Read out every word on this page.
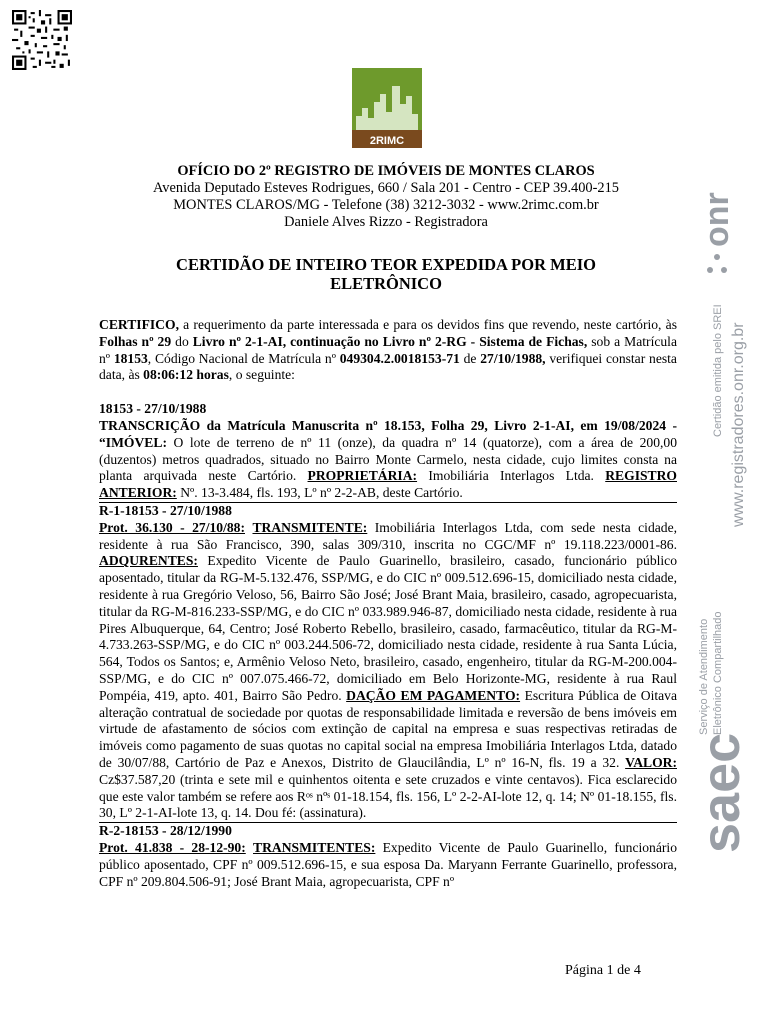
2RIMC
OFÍCIO DO 2º REGISTRO DE IMÓVEIS DE MONTES CLAROS
Avenida Deputado Esteves Rodrigues, 660 / Sala 201 - Centro - CEP 39.400-215
MONTES CLAROS/MG - Telefone (38) 3212-3032 - www.2rimc.com.br
Daniele Alves Rizzo - Registradora
CERTIDÃO DE INTEIRO TEOR EXPEDIDA POR MEIO
ELETRÔNICO

CERTIFICO, a requerimento da parte interessada e para os devidos fins que revendo, neste cartório, às Folhas nº 29 do Livro nº 2-1-AI, continuação no Livro nº 2-RG - Sistema de Fichas, sob a Matrícula nº 18153, Código Nacional de Matrícula nº 049304.2.0018153-71 de 27/10/1988, verifiquei constar nesta data, às 08:06:12 horas, o seguinte:

18153 - 27/10/1988

TRANSCRIÇÃO da Matrícula Manuscrita nº 18.153, Folha 29, Livro 2-1-AI, em 19/08/2024 - “IMÓVEL: O lote de terreno de nº 11 (onze), da quadra nº 14 (quatorze), com a área de 200,00 (duzentos) metros quadrados, situado no Bairro Monte Carmelo, nesta cidade, cujo limites consta na planta arquivada neste Cartório. PROPRIETÁRIA: Imobiliária Interlagos Ltda. REGISTRO ANTERIOR: Nº. 13-3.484, fls. 193, Lº nº 2-2-AB, deste Cartório.

R-1-18153 - 27/10/1988

Prot. 36.130 - 27/10/88: TRANSMITENTE: Imobiliária Interlagos Ltda, com sede nesta cidade, residente à rua São Francisco, 390, salas 309/310, inscrita no CGC/MF nº 19.118.223/0001-86. ADQURENTES: Expedito Vicente de Paulo Guarinello, brasileiro, casado, funcionário público aposentado, titular da RG-M-5.132.476, SSP/MG, e do CIC nº 009.512.696-15, domiciliado nesta cidade, residente à rua Gregório Veloso, 56, Bairro São José; José Brant Maia, brasileiro, casado, agropecuarista, titular da RG-M-816.233-SSP/MG, e do CIC nº 033.989.946-87, domiciliado nesta cidade, residente à rua Pires Albuquerque, 64, Centro; José Roberto Rebello, brasileiro, casado, farmacêutico, titular da RG-M-4.733.263-SSP/MG, e do CIC nº 003.244.506-72, domiciliado nesta cidade, residente à rua Santa Lúcia, 564, Todos os Santos; e, Armênio Veloso Neto, brasileiro, casado, engenheiro, titular da RG-M-200.004-SSP/MG, e do CIC nº 007.075.466-72, domiciliado em Belo Horizonte-MG, residente à rua Raul Pompéia, 419, apto. 401, Bairro São Pedro. DAÇÃO EM PAGAMENTO: Escritura Pública de Oitava alteração contratual de sociedade por quotas de responsabilidade limitada e reversão de bens imóveis em virtude de afastamento de sócios com extinção de capital na empresa e suas respectivas retiradas de imóveis como pagamento de suas quotas no capital social na empresa Imobiliária Interlagos Ltda, datado de 30/07/88, Cartório de Paz e Anexos, Distrito de Glaucilândia, Lº nº 16-N, fls. 19 a 32. VALOR: Cz$37.587,20 (trinta e sete mil e quinhentos oitenta e sete cruzados e vinte centavos). Fica esclarecido que este valor também se refere aos Rᵒˢ nºˢ 01-18.154, fls. 156, Lº 2-2-AI-lote 12, q. 14; Nº 01-18.155, fls. 30, Lº 2-1-AI-lote 13, q. 14. Dou fé: (assinatura).

R-2-18153 - 28/12/1990

Prot. 41.838 - 28-12-90: TRANSMITENTES: Expedito Vicente de Paulo Guarinello, funcionário público aposentado, CPF nº 009.512.696-15, e sua esposa Da. Maryann Ferrante Guarinello, professora, CPF nº 209.804.506-91; José Brant Maia, agropecuarista, CPF nº

Página 1 de 4
onr
Certidão emitida pelo SREI www.registradores.onr.org.br
saec
Serviço de Atendimento Eletrônico Compartilhado
